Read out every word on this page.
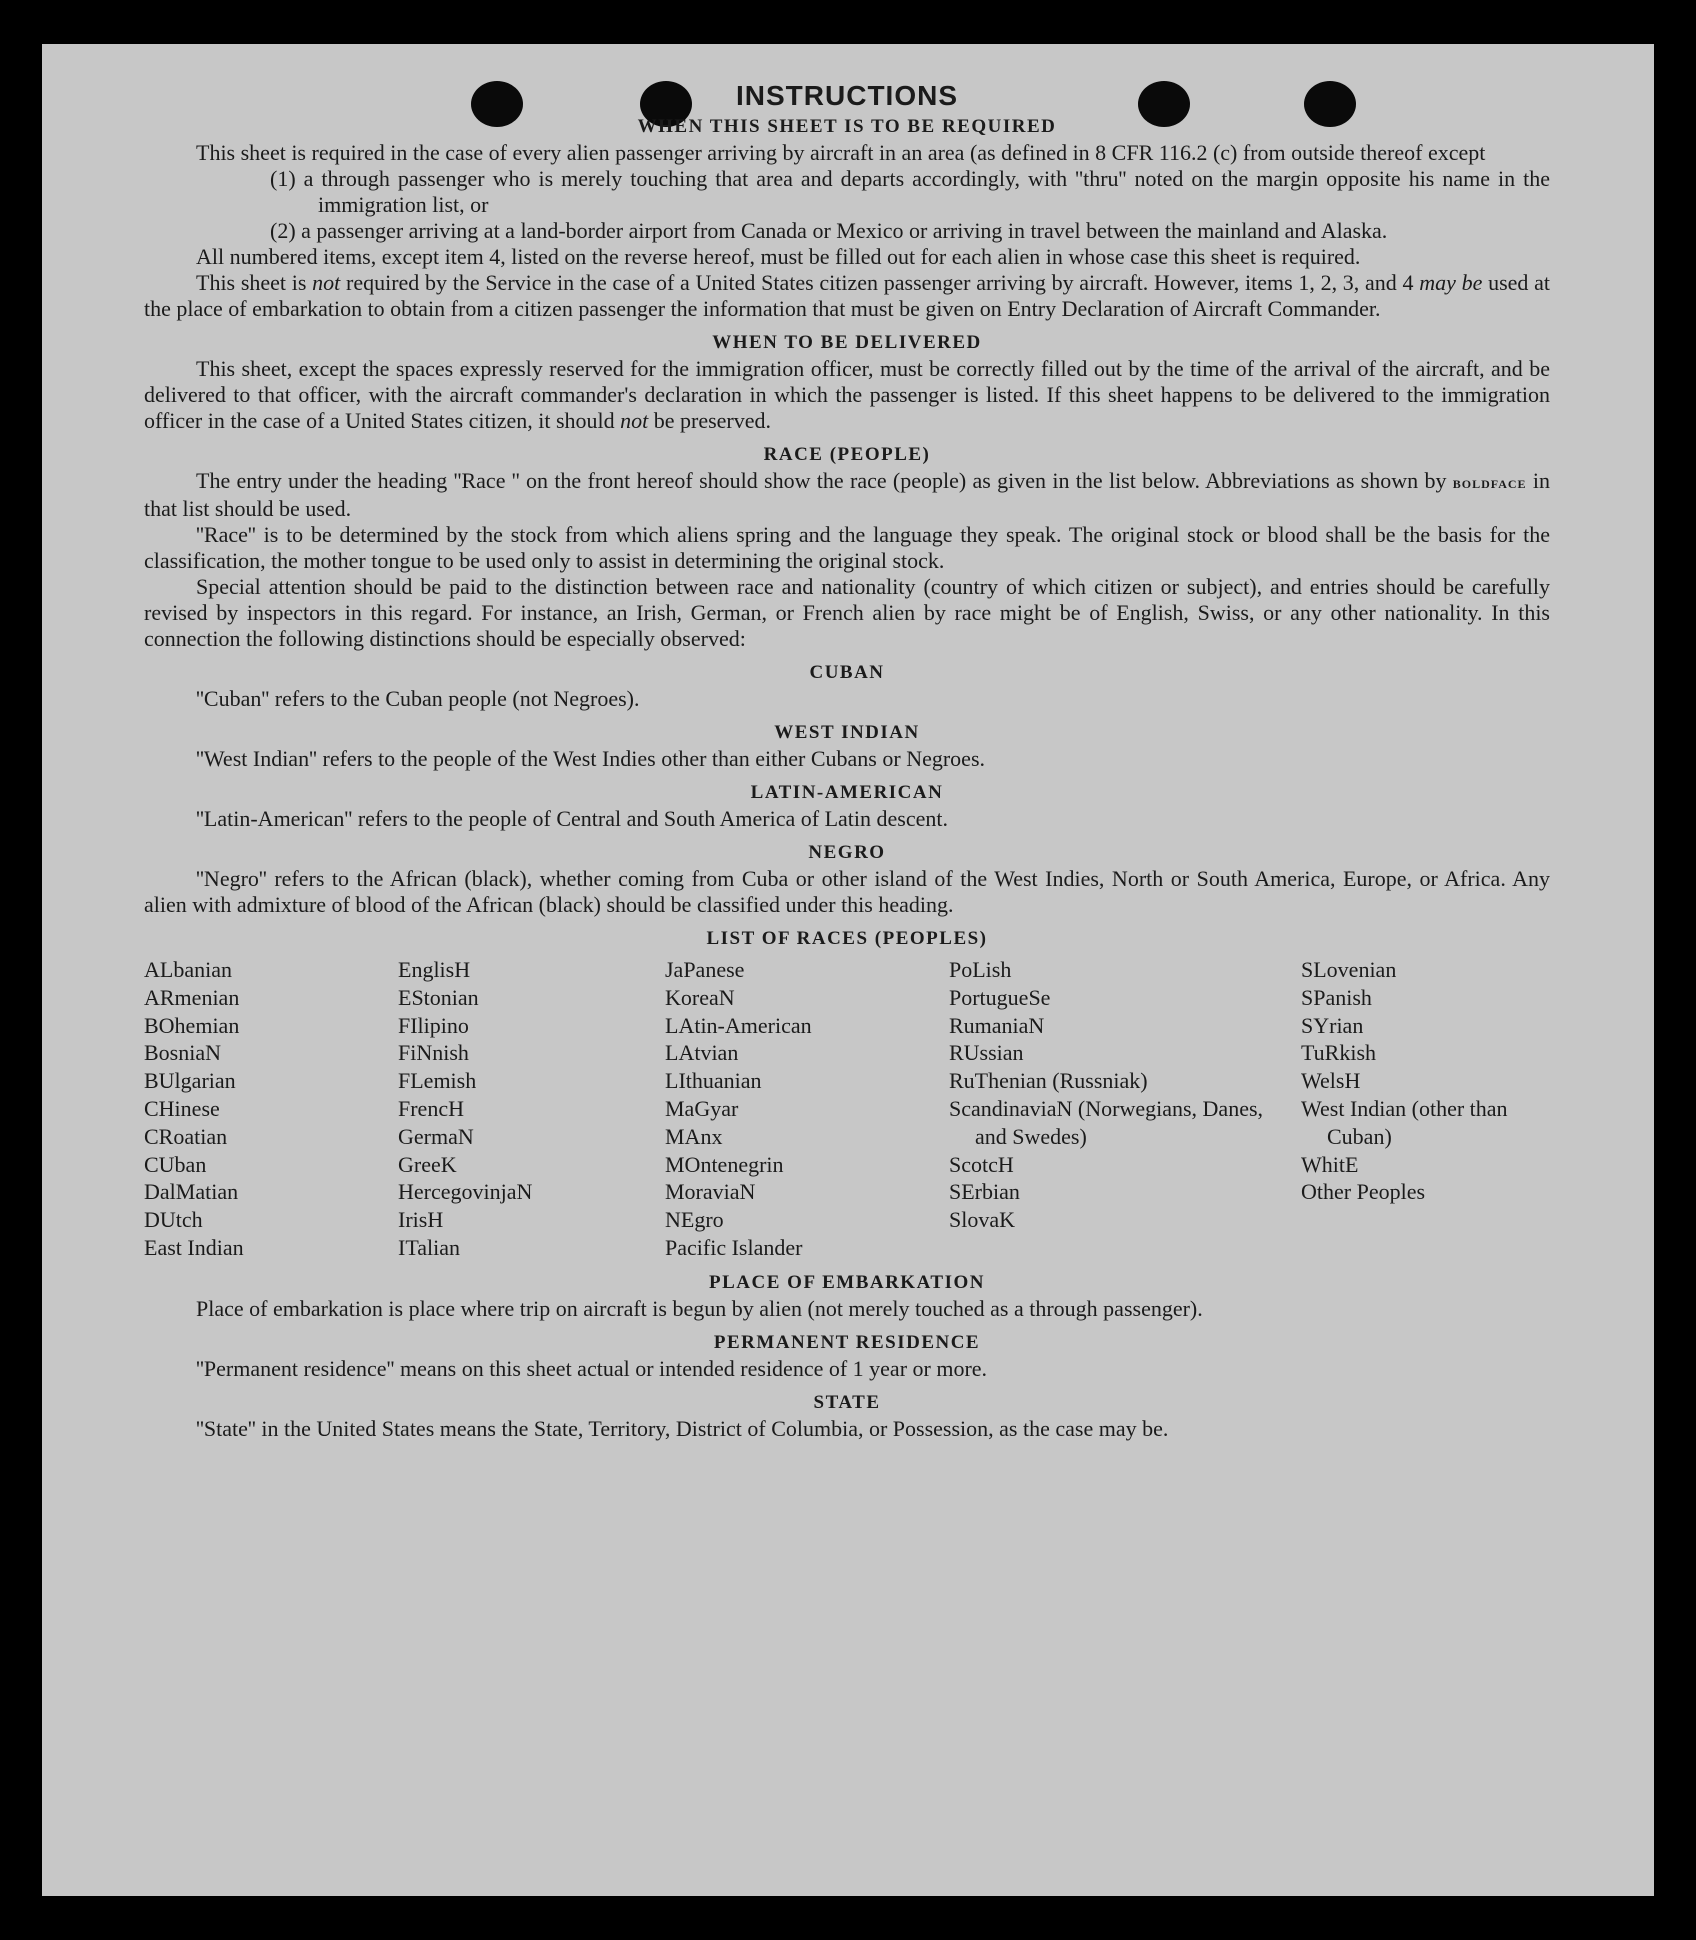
INSTRUCTIONS
WHEN THIS SHEET IS TO BE REQUIRED

This sheet is required in the case of every alien passenger arriving by aircraft in an area (as defined in 8 CFR 116.2 (c) from outside thereof except

(1) a through passenger who is merely touching that area and departs accordingly, with ''thru'' noted on the margin opposite his name in the immigration list, or
(2) a passenger arriving at a land-border airport from Canada or Mexico or arriving in travel between the mainland and Alaska.

All numbered items, except item 4, listed on the reverse hereof, must be filled out for each alien in whose case this sheet is required.

This sheet is not required by the Service in the case of a United States citizen passenger arriving by aircraft. However, items 1, 2, 3, and 4 may be used at the place of embarkation to obtain from a citizen passenger the information that must be given on Entry Declaration of Aircraft Commander.

WHEN TO BE DELIVERED

This sheet, except the spaces expressly reserved for the immigration officer, must be correctly filled out by the time of the arrival of the aircraft, and be delivered to that officer, with the aircraft commander's declaration in which the passenger is listed. If this sheet happens to be delivered to the immigration officer in the case of a United States citizen, it should not be preserved.

RACE (PEOPLE)

The entry under the heading ''Race '' on the front hereof should show the race (people) as given in the list below. Abbreviations as shown by boldface in that list should be used.

''Race'' is to be determined by the stock from which aliens spring and the language they speak. The original stock or blood shall be the basis for the classification, the mother tongue to be used only to assist in determining the original stock.

Special attention should be paid to the distinction between race and nationality (country of which citizen or subject), and entries should be carefully revised by inspectors in this regard. For instance, an Irish, German, or French alien by race might be of English, Swiss, or any other nationality. In this connection the following distinctions should be especially observed:

CUBAN

''Cuban'' refers to the Cuban people (not Negroes).

WEST INDIAN

''West Indian'' refers to the people of the West Indies other than either Cubans or Negroes.

LATIN-AMERICAN

''Latin-American'' refers to the people of Central and South America of Latin descent.

NEGRO

''Negro'' refers to the African (black), whether coming from Cuba or other island of the West Indies, North or South America, Europe, or Africa. Any alien with admixture of blood of the African (black) should be classified under this heading.

LIST OF RACES (PEOPLES)
ALbanian
ARmenian
BOhemian
BosniaN
BUlgarian
CHinese
CRoatian
CUban
DalMatian
DUtch
East Indian
EnglisH
EStonian
FIlipino
FiNnish
FLemish
FrencH
GermaN
GreeK
HercegovinjaN
IrisH
ITalian
JaPanese
KoreaN
LAtin-American
LAtvian
LIthuanian
MaGyar
MAnx
MOntenegrin
MoraviaN
NEgro
Pacific Islander
PoLish
PortugueSe
RumaniaN
RUssian
RuThenian (Russniak)
ScandinaviaN (Norwegians, Danes, and Swedes)
ScotcH
SErbian
SlovaK
SLovenian
SPanish
SYrian
TuRkish
WelsH
West Indian (other than Cuban)
WhitE
Other Peoples
PLACE OF EMBARKATION

Place of embarkation is place where trip on aircraft is begun by alien (not merely touched as a through passenger).

PERMANENT RESIDENCE

''Permanent residence'' means on this sheet actual or intended residence of 1 year or more.

STATE

''State'' in the United States means the State, Territory, District of Columbia, or Possession, as the case may be.
